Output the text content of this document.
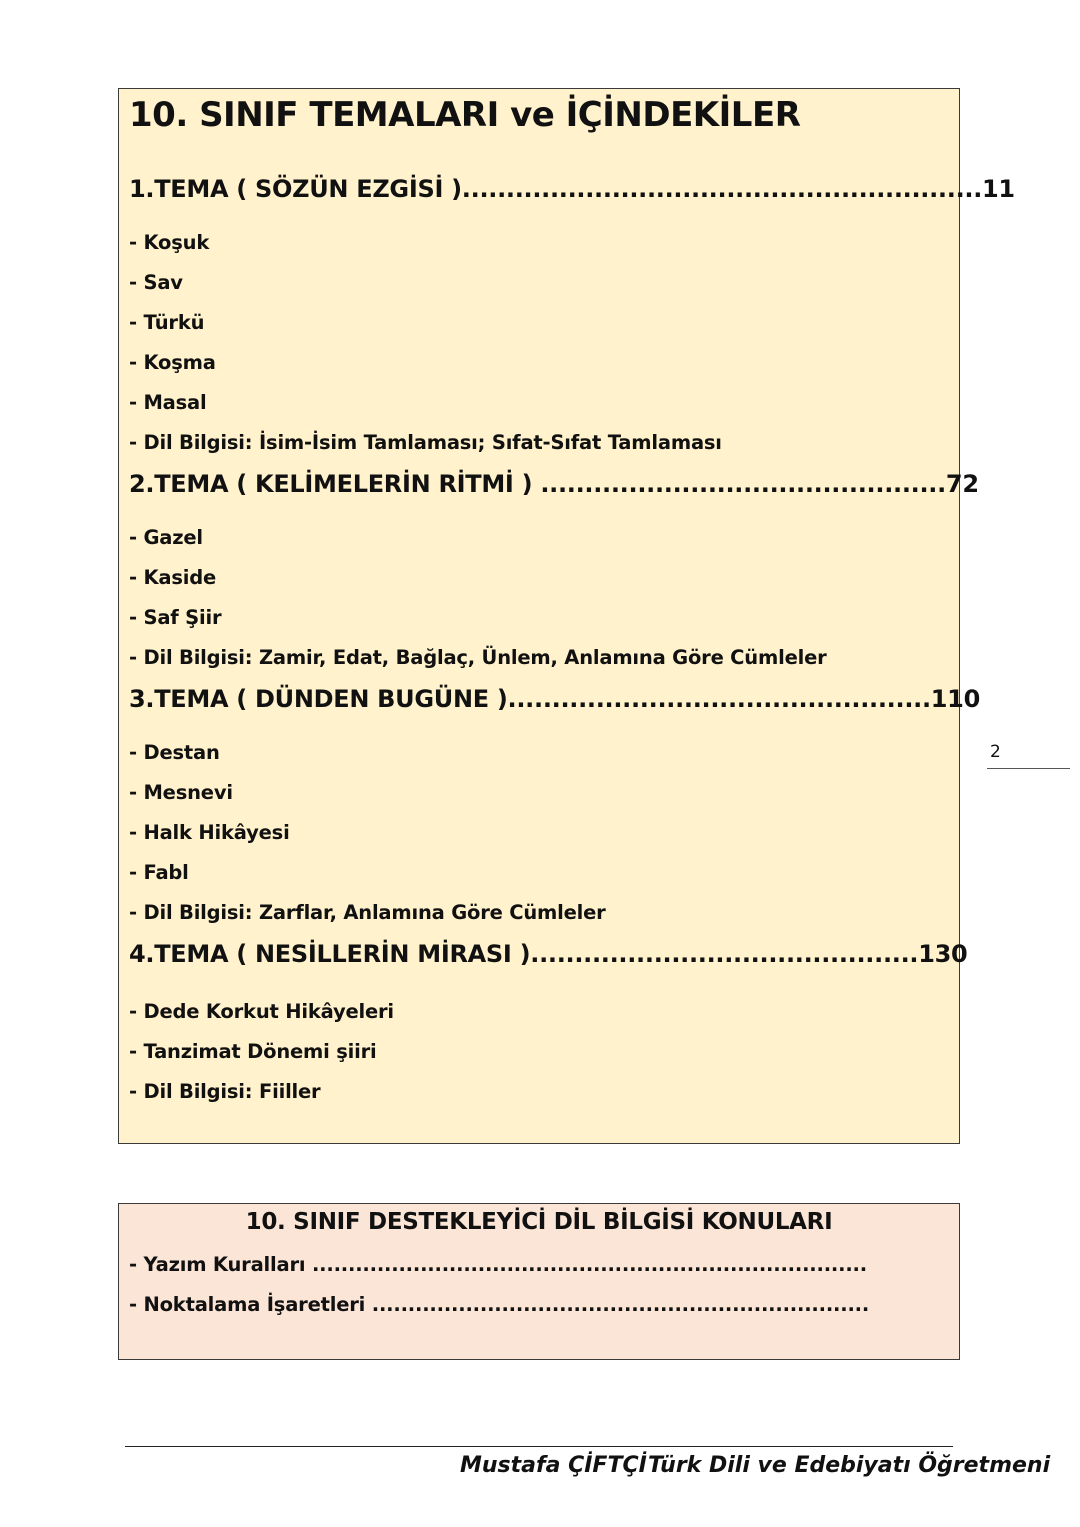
10. SINIF TEMALARI ve İÇİNDEKİLER
1.TEMA ( SÖZÜN EZGİSİ )...........................................................11
- Koşuk
- Sav
- Türkü
- Koşma
- Masal
- Dil Bilgisi: İsim-İsim Tamlaması; Sıfat-Sıfat Tamlaması
2.TEMA ( KELİMELERİN RİTMİ ) ..............................................72
- Gazel
- Kaside
- Saf Şiir
- Dil Bilgisi: Zamir, Edat, Bağlaç, Ünlem, Anlamına Göre Cümleler
3.TEMA ( DÜNDEN BUGÜNE )................................................110
- Destan
- Mesnevi
- Halk Hikâyesi
- Fabl
- Dil Bilgisi: Zarflar, Anlamına Göre Cümleler
4.TEMA ( NESİLLERİN MİRASI )............................................130
- Dede Korkut Hikâyeleri
- Tanzimat Dönemi şiiri
- Dil Bilgisi: Fiiller
2
10. SINIF DESTEKLEYİCİ DİL BİLGİSİ KONULARI
- Yazım Kuralları .............................................................................
- Noktalama İşaretleri .....................................................................
Mustafa ÇİFTÇİ Türk Dili ve Edebiyatı Öğretmeni
